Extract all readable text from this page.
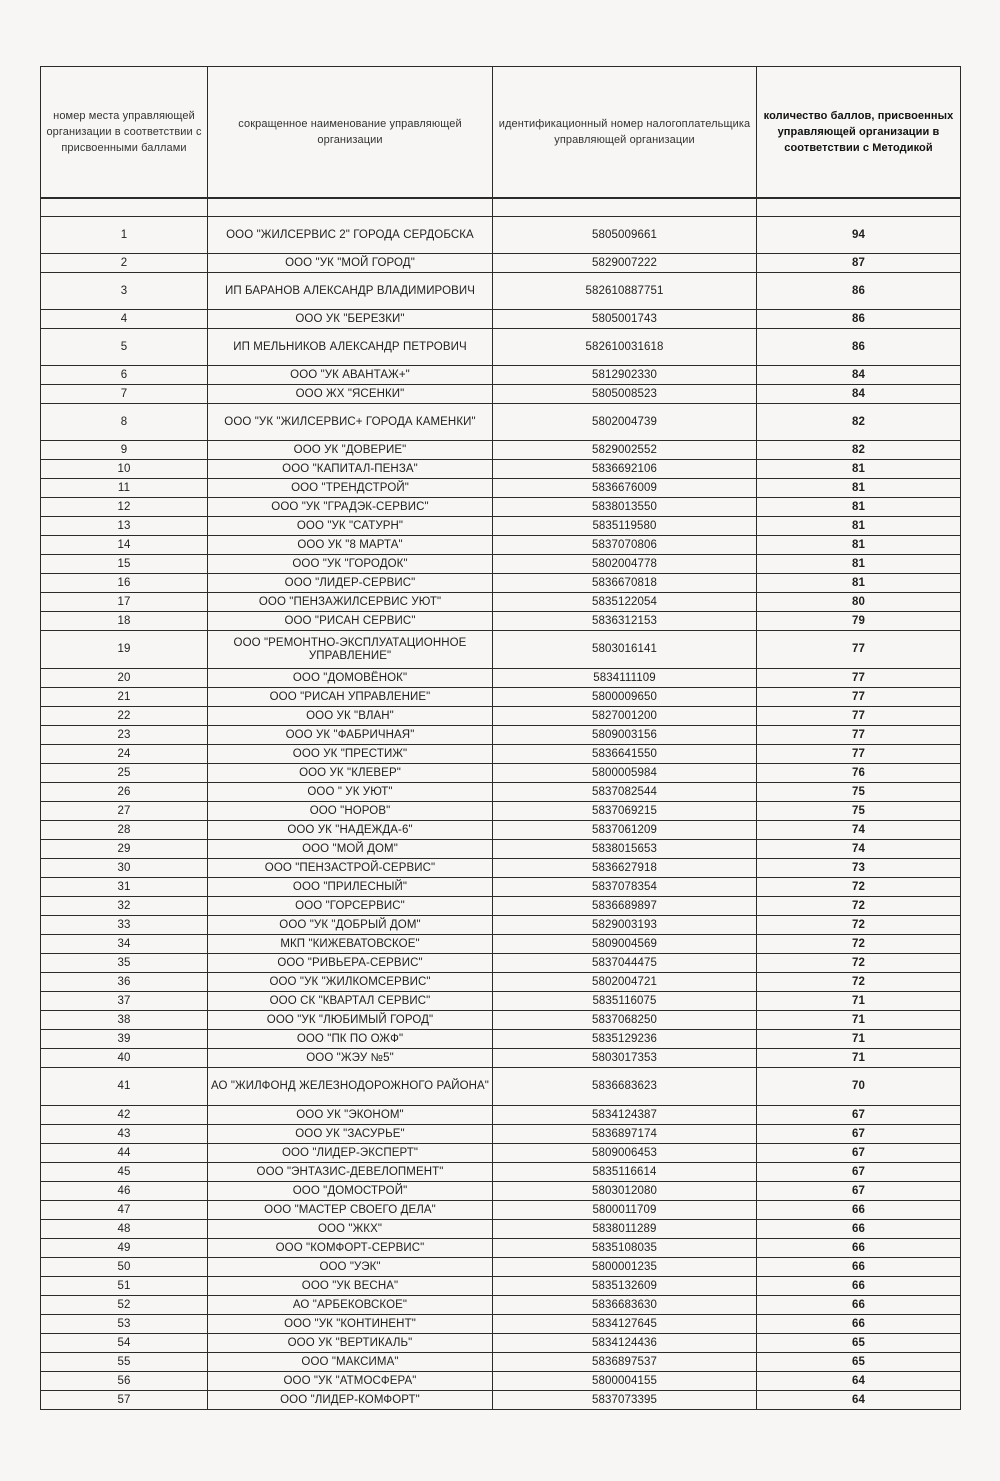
номер места управляющей организации в соответствии с присвоенными баллами	сокращенное наименование управляющей организации	идентификационный номер налогоплательщика управляющей организации	количество баллов, присвоенных управляющей организации в соответствии с Методикой

1	ООО "ЖИЛСЕРВИС 2" ГОРОДА СЕРДОБСКА	5805009661	94
2	ООО "УК "МОЙ ГОРОД"	5829007222	87
3	ИП БАРАНОВ АЛЕКСАНДР ВЛАДИМИРОВИЧ	582610887751	86
4	ООО УК "БЕРЕЗКИ"	5805001743	86
5	ИП МЕЛЬНИКОВ АЛЕКСАНДР ПЕТРОВИЧ	582610031618	86
6	ООО "УК АВАНТАЖ+"	5812902330	84
7	ООО ЖХ "ЯСЕНКИ"	5805008523	84
8	ООО "УК "ЖИЛСЕРВИС+ ГОРОДА КАМЕНКИ"	5802004739	82
9	ООО УК "ДОВЕРИЕ"	5829002552	82
10	ООО "КАПИТАЛ-ПЕНЗА"	5836692106	81
11	ООО "ТРЕНДСТРОЙ"	5836676009	81
12	ООО "УК "ГРАДЭК-СЕРВИС"	5838013550	81
13	ООО "УК "САТУРН"	5835119580	81
14	ООО УК "8 МАРТА"	5837070806	81
15	ООО "УК "ГОРОДОК"	5802004778	81
16	ООО "ЛИДЕР-СЕРВИС"	5836670818	81
17	ООО "ПЕНЗАЖИЛСЕРВИС УЮТ"	5835122054	80
18	ООО "РИСАН СЕРВИС"	5836312153	79
19	ООО "РЕМОНТНО-ЭКСПЛУАТАЦИОННОЕ УПРАВЛЕНИЕ"	5803016141	77
20	ООО "ДОМОВЁНОК"	5834111109	77
21	ООО "РИСАН УПРАВЛЕНИЕ"	5800009650	77
22	ООО УК "ВЛАН"	5827001200	77
23	ООО УК "ФАБРИЧНАЯ"	5809003156	77
24	ООО УК "ПРЕСТИЖ"	5836641550	77
25	ООО УК "КЛЕВЕР"	5800005984	76
26	ООО " УК УЮТ"	5837082544	75
27	ООО "НОРОВ"	5837069215	75
28	ООО УК "НАДЕЖДА-6"	5837061209	74
29	ООО "МОЙ ДОМ"	5838015653	74
30	ООО "ПЕНЗАСТРОЙ-СЕРВИС"	5836627918	73
31	ООО "ПРИЛЕСНЫЙ"	5837078354	72
32	ООО "ГОРСЕРВИС"	5836689897	72
33	ООО "УК "ДОБРЫЙ ДОМ"	5829003193	72
34	МКП "КИЖЕВАТОВСКОЕ"	5809004569	72
35	ООО "РИВЬЕРА-СЕРВИС"	5837044475	72
36	ООО "УК "ЖИЛКОМСЕРВИС"	5802004721	72
37	ООО СК "КВАРТАЛ СЕРВИС"	5835116075	71
38	ООО "УК "ЛЮБИМЫЙ ГОРОД"	5837068250	71
39	ООО "ПК ПО ОЖФ"	5835129236	71
40	ООО "ЖЭУ №5"	5803017353	71
41	АО "ЖИЛФОНД ЖЕЛЕЗНОДОРОЖНОГО РАЙОНА"	5836683623	70
42	ООО УК "ЭКОНОМ"	5834124387	67
43	ООО УК "ЗАСУРЬЕ"	5836897174	67
44	ООО "ЛИДЕР-ЭКСПЕРТ"	5809006453	67
45	ООО "ЭНТАЗИС-ДЕВЕЛОПМЕНТ"	5835116614	67
46	ООО "ДОМОСТРОЙ"	5803012080	67
47	ООО "МАСТЕР СВОЕГО ДЕЛА"	5800011709	66
48	ООО "ЖКХ"	5838011289	66
49	ООО "КОМФОРТ-СЕРВИС"	5835108035	66
50	ООО "УЭК"	5800001235	66
51	ООО "УК ВЕСНА"	5835132609	66
52	АО "АРБЕКОВСКОЕ"	5836683630	66
53	ООО "УК "КОНТИНЕНТ"	5834127645	66
54	ООО УК "ВЕРТИКАЛЬ"	5834124436	65
55	ООО "МАКСИМА"	5836897537	65
56	ООО "УК "АТМОСФЕРА"	5800004155	64
57	ООО "ЛИДЕР-КОМФОРТ"	5837073395	64
